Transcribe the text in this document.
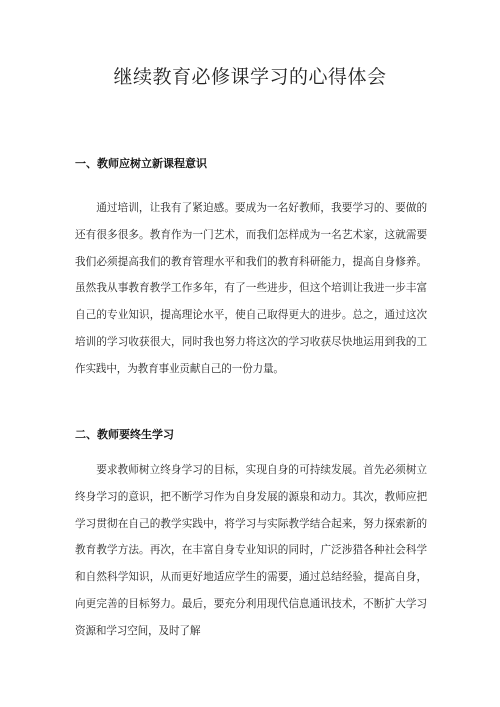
继续教育必修课学习的心得体会
一、教师应树立新课程意识

通过培训，让我有了紧迫感。要成为一名好教师，我要学习的、要做的还有很多很多。教育作为一门艺术，而我们怎样成为一名艺术家，这就需要我们必须提高我们的教育管理水平和我们的教育科研能力，提高自身修养。虽然我从事教育教学工作多年，有了一些进步，但这个培训让我进一步丰富自己的专业知识，提高理论水平，使自己取得更大的进步。总之，通过这次培训的学习收获很大，同时我也努力将这次的学习收获尽快地运用到我的工作实践中，为教育事业贡献自己的一份力量。

二、教师要终生学习

要求教师树立终身学习的目标，实现自身的可持续发展。首先必须树立终身学习的意识，把不断学习作为自身发展的源泉和动力。其次，教师应把学习贯彻在自己的教学实践中，将学习与实际教学结合起来，努力探索新的教育教学方法。再次，在丰富自身专业知识的同时，广泛涉猎各种社会科学和自然科学知识，从而更好地适应学生的需要，通过总结经验，提高自身，向更完善的目标努力。最后，要充分利用现代信息通讯技术，不断扩大学习资源和学习空间，及时了解
